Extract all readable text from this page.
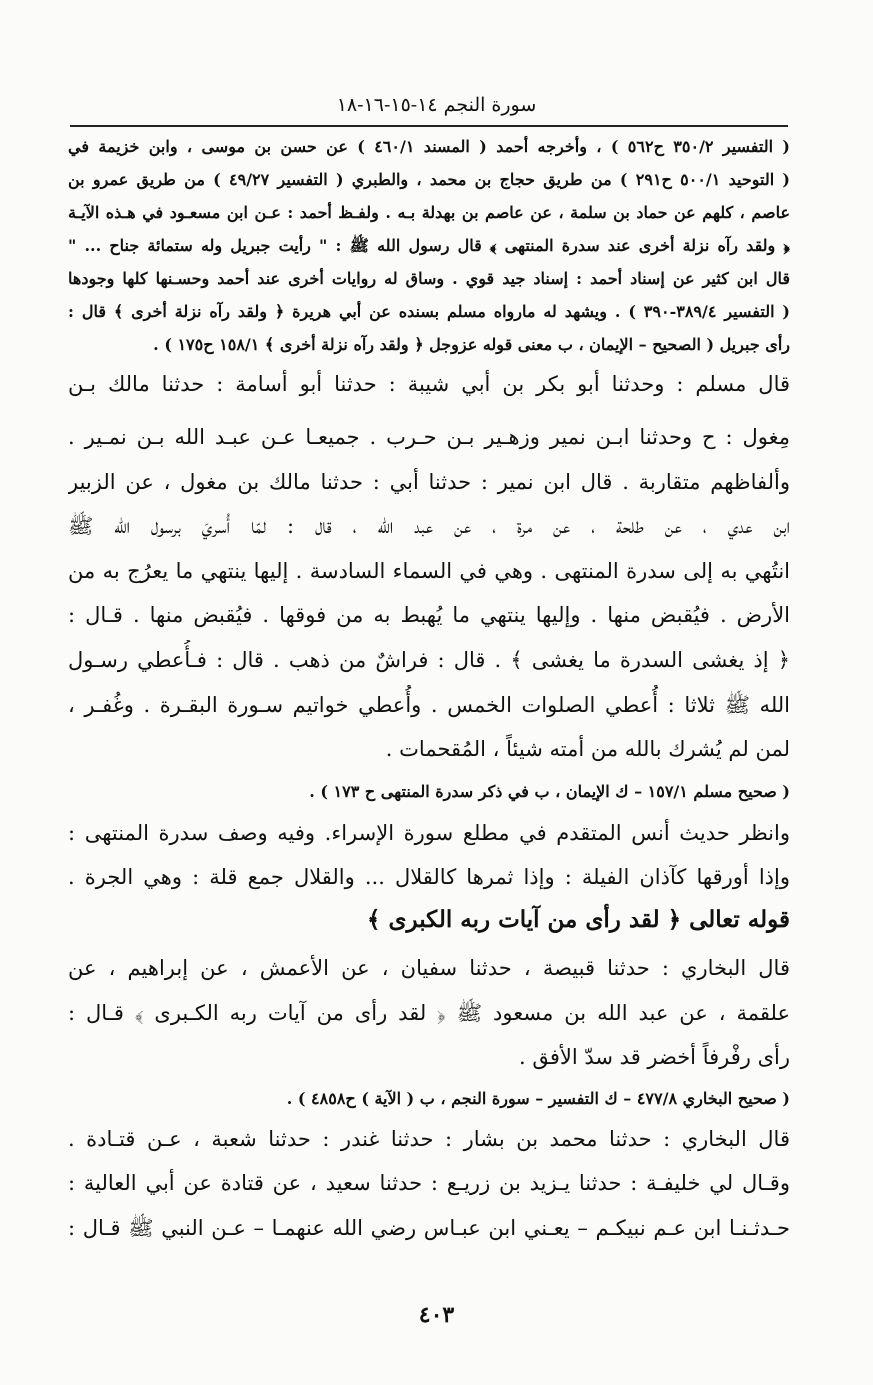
سورة النجم ١٤-١٥-١٦-١٨
( التفسير ٣٥٠/٢ ح٥٦٢ ) ، وأخرجه أحمد ( المسند ٤٦٠/١ ) عن حسن بن موسى ، وابن خزيمة في
( التوحيد ٥٠٠/١ ح٢٩١ ) من طريق حجاج بن محمد ، والطبري ( التفسير ٤٩/٢٧ ) من طريق عمرو بن
عاصم ، كلهم عن حماد بن سلمة ، عن عاصم بن بهدلة بـه . ولفـظ أحمد : عـن ابن مسعـود في هـذه الآيـة
﴿ ولقد رآه نزلة أخرى عند سدرة المنتهى ﴾ قال رسول الله ﷺ : " رأيت جبريل وله ستمائة جناح ... "
قال ابن كثير عن إسناد أحمد : إسناد جيد قوي . وساق له روايات أخرى عند أحمد وحسـنها كلها وجودها
( التفسير ٣٨٩/٤-٣٩٠ ) . ويشهد له مارواه مسلم بسنده عن أبي هريرة ﴿ ولقد رآه نزلة أخرى ﴾ قال :
رأى جبريل ( الصحيح – الإيمان ، ب معنى قوله عزوجل ﴿ ولقد رآه نزلة أخرى ﴾ ١٥٨/١ ح١٧٥ ) .
قال مسلم : وحدثنا أبو بكر بن أبي شيبة : حدثنا أبو أسامة : حدثنا مالك بـن
مِغول : ح وحدثنا ابـن نمير وزهـير بـن حـرب . جميعـا عـن عبـد الله بـن نمـير .
وألفاظهم متقاربة . قال ابن نمير : حدثنا أبي : حدثنا مالك بن مغول ، عن الزبير
ابن عدي ، عن طلحة ، عن مرة ، عن عبد الله ، قال : لمّا أُسريَ برسول الله ﷺ
انتُهي به إلى سدرة المنتهى . وهي في السماء السادسة . إليها ينتهي ما يعرُج به من
الأرض . فيُقبض منها . وإليها ينتهي ما يُهبط به من فوقها . فيُقبض منها . قـال :
﴿ إذ يغشى السدرة ما يغشى ﴾ . قال : فراشٌ من ذهب . قال : فـأُعطي رسـول
الله ﷺ ثلاثا : أُعطي الصلوات الخمس . وأُعطي خواتيم سـورة البقـرة . وغُفـر ،
لمن لم يُشرك بالله من أمته شيئاً ، المُقحمات .
( صحيح مسلم ١٥٧/١ – ك الإيمان ، ب في ذكر سدرة المنتهى ح ١٧٣ ) .
وانظر حديث أنس المتقدم في مطلع سورة الإسراء. وفيه وصف سدرة المنتهى :
وإذا أورقها كآذان الفيلة : وإذا ثمرها كالقلال ... والقلال جمع قلة : وهي الجرة .
قوله تعالى ﴿ لقد رأى من آيات ربه الكبرى ﴾
قال البخاري : حدثنا قبيصة ، حدثنا سفيان ، عن الأعمش ، عن إبراهيم ، عن
علقمة ، عن عبد الله بن مسعود ﷺ ﴿ لقد رأى من آيات ربه الكـبرى ﴾ قـال :
رأى رفْرفاً أخضر قد سدّ الأفق .
( صحيح البخاري ٤٧٧/٨ – ك التفسير – سورة النجم ، ب ( الآية ) ح٤٨٥٨ ) .
قال البخاري : حدثنا محمد بن بشار : حدثنا غندر : حدثنا شعبة ، عـن قتـادة .
وقـال لي خليفـة : حدثنا يـزيد بن زريـع : حدثنا سعيد ، عن قتادة عن أبي العالية :
حـدثـنـا ابن عـم نبيكـم – يعـني ابن عبـاس رضي الله عنهمـا – عـن النبي ﷺ قـال :
٤٠٣
